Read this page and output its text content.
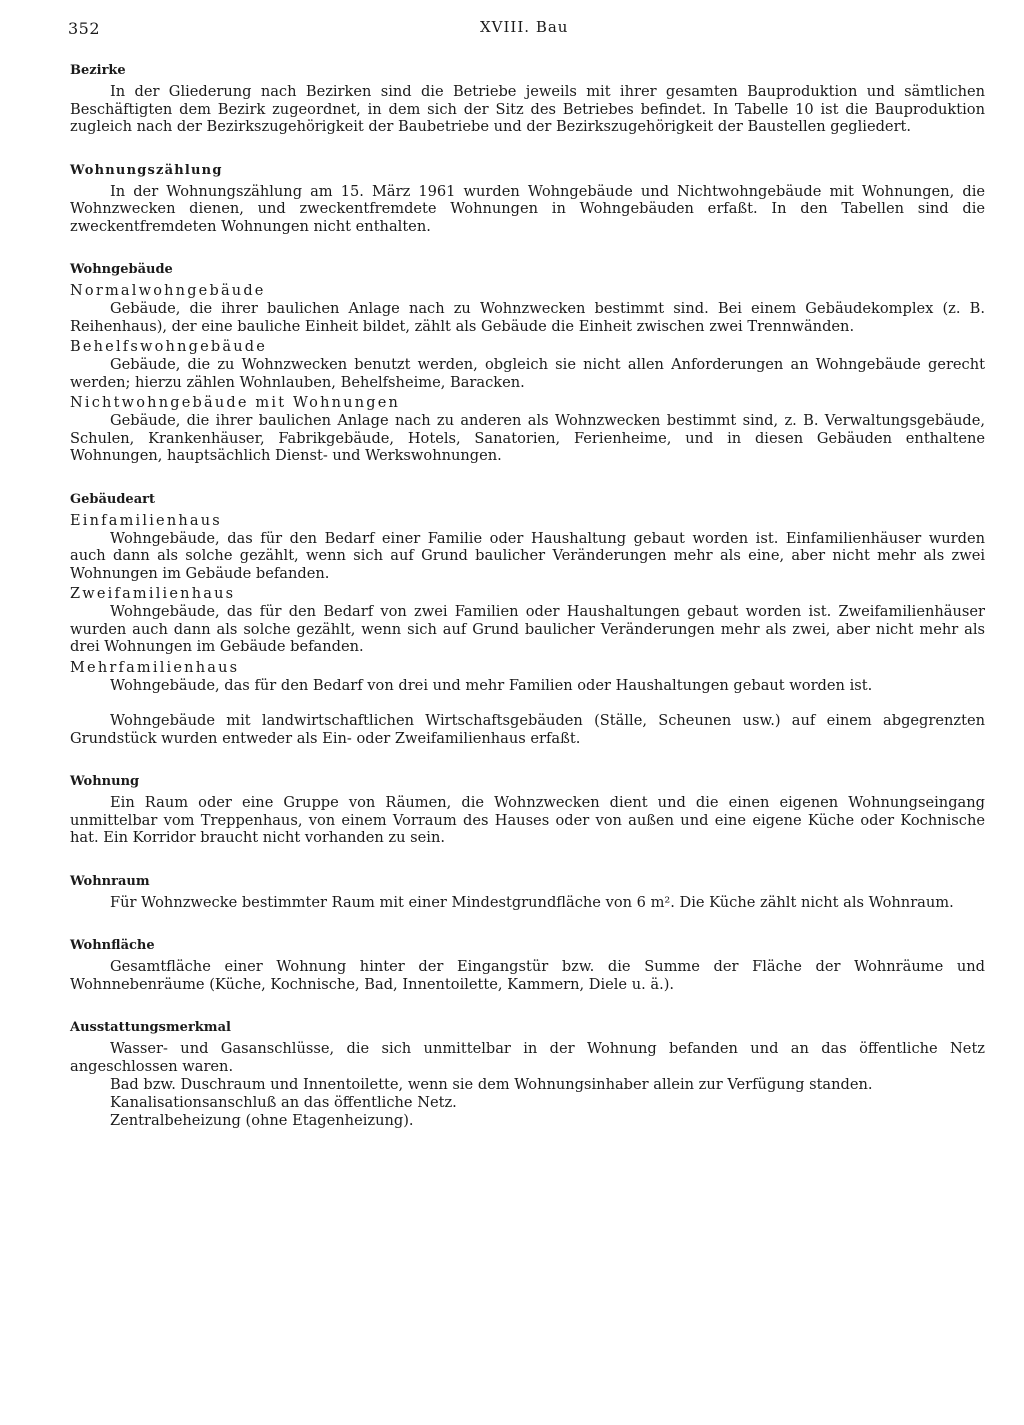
352	XVIII. Bau
Bezirke

In der Gliederung nach Bezirken sind die Betriebe jeweils mit ihrer gesamten Bauproduktion und sämtlichen Beschäftigten dem Bezirk zugeordnet, in dem sich der Sitz des Betriebes befindet. In Tabelle 10 ist die Bauproduktion zugleich nach der Bezirkszugehörigkeit der Baubetriebe und der Bezirkszugehörigkeit der Baustellen gegliedert.

Wohnungszählung

In der Wohnungszählung am 15. März 1961 wurden Wohngebäude und Nichtwohngebäude mit Wohnungen, die Wohnzwecken dienen, und zweckentfremdete Wohnungen in Wohngebäuden erfaßt. In den Tabellen sind die zweckentfremdeten Wohnungen nicht enthalten.

Wohngebäude
Normalwohngebäude

Gebäude, die ihrer baulichen Anlage nach zu Wohnzwecken bestimmt sind. Bei einem Gebäudekomplex (z. B. Reihenhaus), der eine bauliche Einheit bildet, zählt als Gebäude die Einheit zwischen zwei Trennwänden.

Behelfswohngebäude

Gebäude, die zu Wohnzwecken benutzt werden, obgleich sie nicht allen Anforderungen an Wohngebäude gerecht werden; hierzu zählen Wohnlauben, Behelfsheime, Baracken.

Nichtwohngebäude mit Wohnungen

Gebäude, die ihrer baulichen Anlage nach zu anderen als Wohnzwecken bestimmt sind, z. B. Verwaltungsgebäude, Schulen, Krankenhäuser, Fabrikgebäude, Hotels, Sanatorien, Ferienheime, und in diesen Gebäuden enthaltene Wohnungen, hauptsächlich Dienst- und Werkswohnungen.

Gebäudeart
Einfamilienhaus

Wohngebäude, das für den Bedarf einer Familie oder Haushaltung gebaut worden ist. Einfamilienhäuser wurden auch dann als solche gezählt, wenn sich auf Grund baulicher Veränderungen mehr als eine, aber nicht mehr als zwei Wohnungen im Gebäude befanden.

Zweifamilienhaus

Wohngebäude, das für den Bedarf von zwei Familien oder Haushaltungen gebaut worden ist. Zweifamilienhäuser wurden auch dann als solche gezählt, wenn sich auf Grund baulicher Veränderungen mehr als zwei, aber nicht mehr als drei Wohnungen im Gebäude befanden.

Mehrfamilienhaus

Wohngebäude, das für den Bedarf von drei und mehr Familien oder Haushaltungen gebaut worden ist.

Wohngebäude mit landwirtschaftlichen Wirtschaftsgebäuden (Ställe, Scheunen usw.) auf einem abgegrenzten Grundstück wurden entweder als Ein- oder Zweifamilienhaus erfaßt.

Wohnung

Ein Raum oder eine Gruppe von Räumen, die Wohnzwecken dient und die einen eigenen Wohnungseingang unmittelbar vom Treppenhaus, von einem Vorraum des Hauses oder von außen und eine eigene Küche oder Kochnische hat. Ein Korridor braucht nicht vorhanden zu sein.

Wohnraum

Für Wohnzwecke bestimmter Raum mit einer Mindestgrundfläche von 6 m². Die Küche zählt nicht als Wohnraum.

Wohnfläche

Gesamtfläche einer Wohnung hinter der Eingangstür bzw. die Summe der Fläche der Wohnräume und Wohnnebenräume (Küche, Kochnische, Bad, Innentoilette, Kammern, Diele u. ä.).

Ausstattungsmerkmal

Wasser- und Gasanschlüsse, die sich unmittelbar in der Wohnung befanden und an das öffentliche Netz angeschlossen waren.

Bad bzw. Duschraum und Innentoilette, wenn sie dem Wohnungsinhaber allein zur Verfügung standen.

Kanalisationsanschluß an das öffentliche Netz.

Zentralbeheizung (ohne Etagenheizung).
